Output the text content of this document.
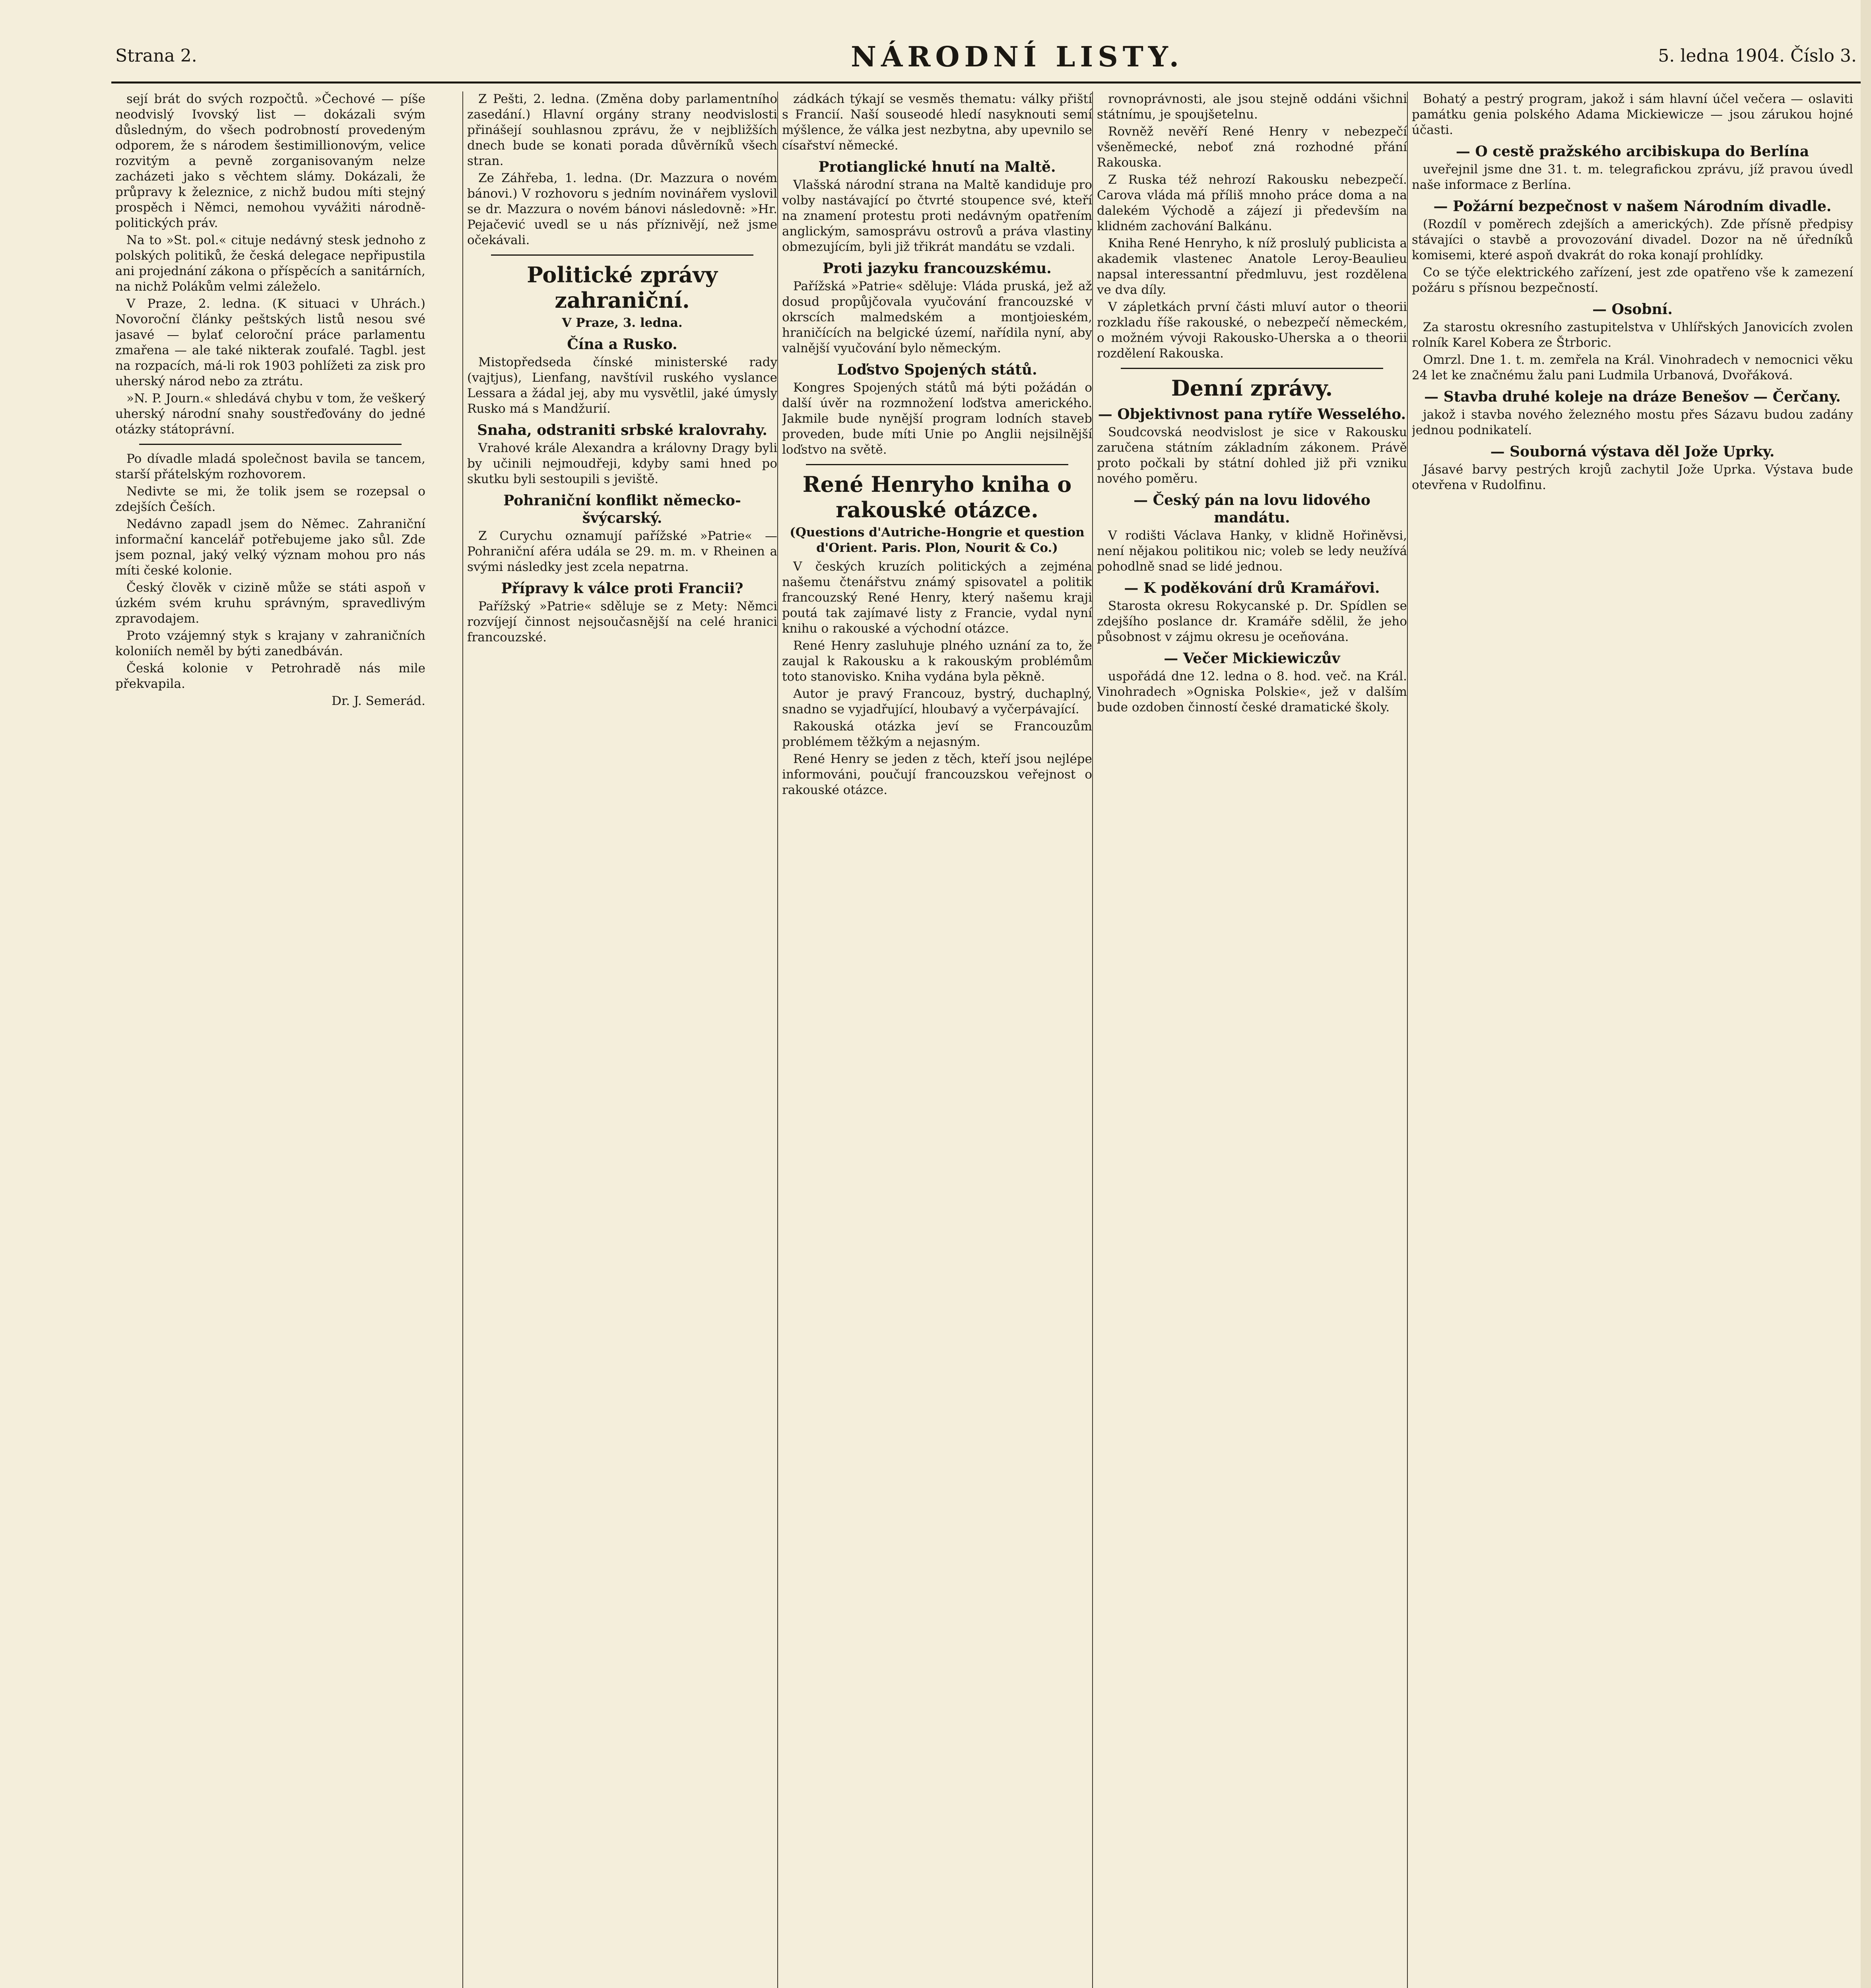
Strana 2.	NÁRODNÍ LISTY.	5. ledna 1904. Číslo 3.

sejí brát do svých rozpočtů. »Čechové — píše neodvislý Ivovský list — dokázali svým důsledným, do všech podrobností provedeným odporem, že s národem šestimillionovým, velice rozvitým a pevně zorganisovaným nelze zacházeti jako s věchtem slámy. Dokázali, že průpravy k železnice, z nichž budou míti stejný prospěch i Němci, nemohou vyvážiti národně-politických práv.

Na to »St. pol.« cituje nedávný stesk jednoho z polských politiků, že česká delegace nepřipustila ani projednání zákona o příspěcích a sanitárních, na nichž Polákům velmi záleželo.

V Praze, 2. ledna. (K situaci v Uhrách.) Novoroční články peštských listů nesou své jasavé — bylať celoroční práce parlamentu zmařena — ale také nikterak zoufalé. Tagbl. jest na rozpacích, má-li rok 1903 pohlížeti za zisk pro uherský národ nebo za ztrátu.

»N. P. Journ.« shledává chybu v tom, že veškerý uherský národní snahy soustřeďovány do jedné otázky státoprávní.

Po dívadle mladá společnost bavila se tancem, starší přátelským rozhovorem.

Nedivte se mi, že tolik jsem se rozepsal o zdejších Češích.

Nedávno zapadl jsem do Němec. Zahraniční informační kancelář potřebujeme jako sůl. Zde jsem poznal, jaký velký význam mohou pro nás míti české kolonie.

Český člověk v cizině může se státi aspoň v úzkém svém kruhu správným, spravedlivým zpravodajem.

Proto vzájemný styk s krajany v zahraničních koloniích neměl by býti zanedbáván.

Česká kolonie v Petrohradě nás mile překvapila.

Dr. J. Semerád.

Z Pešti, 2. ledna. (Změna doby parlamentního zasedání.) Hlavní orgány strany neodvislosti přinášejí souhlasnou zprávu, že v nejbližších dnech bude se konati porada důvěrníků všech stran.

Ze Záhřeba, 1. ledna. (Dr. Mazzura o novém bánovi.) V rozhovoru s jedním novinářem vyslovil se dr. Mazzura o novém bánovi následovně: »Hr. Pejačević uvedl se u nás příznivějí, než jsme očekávali.

Politické zprávy zahraniční.
V Praze, 3. ledna.
Čína a Rusko.

Mistopředseda čínské ministerské rady (vajtjus), Lienfang, navštívil ruského vyslance Lessara a žádal jej, aby mu vysvětlil, jaké úmysly Rusko má s Mandžurií.

Snaha, odstraniti srbské kralovrahy.

Vrahové krále Alexandra a královny Dragy byli by učinili nejmoudřeji, kdyby sami hned po skutku byli sestoupili s jeviště.

Pohraniční konflikt německo-švýcarský.

Z Curychu oznamují pařížské »Patrie« — Pohraniční aféra udála se 29. m. m. v Rheinen a svými následky jest zcela nepatrna.

Přípravy k válce proti Francii?

Pařížský »Patrie« sděluje se z Mety: Němci rozvíjejí činnost nejsoučasnější na celé hranici francouzské.

zádkách týkají se vesměs thematu: války přiští s Francií. Naší souseodé hledí nasyknouti semí mýšlence, že válka jest nezbytna, aby upevnilo se císařství německé.

Protianglické hnutí na Maltě.

Vlašská národní strana na Maltě kandiduje pro volby nastávající po čtvrté stoupence své, kteří na znamení protestu proti nedávným opatřením anglickým, samosprávu ostrovů a práva vlastiny obmezujícím, byli již třikrát mandátu se vzdali.

Proti jazyku francouzskému.

Pařížská »Patrie« sděluje: Vláda pruská, jež až dosud propůjčovala vyučování francouzské v okrscích malmedském a montjoieském, hraničících na belgické území, nařídila nyní, aby valnější vyučování bylo německým.

Loďstvo Spojených států.

Kongres Spojených států má býti požádán o další úvěr na rozmnožení loďstva amerického. Jakmile bude nynější program lodních staveb proveden, bude míti Unie po Anglii nejsilnější loďstvo na světě.

René Henryho kniha o rakouské otázce.
(Questions d'Autriche-Hongrie et question d'Orient. Paris. Plon, Nourit & Co.)

V českých kruzích politických a zejména našemu čtenářstvu známý spisovatel a politik francouzský René Henry, který našemu kraji poutá tak zajímavé listy z Francie, vydal nyní knihu o rakouské a východní otázce.

René Henry zasluhuje plného uznání za to, že zaujal k Rakousku a k rakouským problémům toto stanovisko. Kniha vydána byla pěkně.

Autor je pravý Francouz, bystrý, duchaplný, snadno se vyjadřující, hloubavý a vyčerpávající.

Rakouská otázka jeví se Francouzům problémem těžkým a nejasným.

René Henry se jeden z těch, kteří jsou nejlépe informováni, poučují francouzskou veřejnost o rakouské otázce.

rovnoprávnosti, ale jsou stejně oddáni všichni státnímu, je spoujšetelnu.

Rovněž nevěří René Henry v nebezpečí všeněmecké, neboť zná rozhodné přání Rakouska.

Z Ruska též nehrozí Rakousku nebezpečí. Carova vláda má příliš mnoho práce doma a na dalekém Východě a zájezí ji především na klidném zachování Balkánu.

Kniha René Henryho, k níž proslulý publicista a akademik vlastenec Anatole Leroy-Beaulieu napsal interessantní předmluvu, jest rozdělena ve dva díly.

V zápletkách první části mluví autor o theorii rozkladu říše rakouské, o nebezpečí německém, o možném vývoji Rakousko-Uherska a o theorii rozdělení Rakouska.

Denní zprávy.
— Objektivnost pana rytíře Wesselého.

Soudcovská neodvislost je sice v Rakousku zaručena státním základním zákonem. Právě proto počkali by státní dohled již při vzniku nového poměru.

— Český pán na lovu lidového mandátu.

V rodišti Václava Hanky, v klidně Hořiněvsi, není nějakou politikou nic; voleb se ledy neužívá pohodlně snad se lidé jednou.

— K poděkování drů Kramářovi.

Starosta okresu Rokycanské p. Dr. Spídlen se zdejšího poslance dr. Kramáře sdělil, že jeho působnost v zájmu okresu je oceňována.

— Večer Mickiewiczův

uspořádá dne 12. ledna o 8. hod. več. na Král. Vinohradech »Ogniska Polskie«, jež v dalším bude ozdoben činností české dramatické školy.

Bohatý a pestrý program, jakož i sám hlavní účel večera — oslaviti památku genia polského Adama Mickiewicze — jsou zárukou hojné účasti.

— O cestě pražského arcibiskupa do Berlína

uveřejnil jsme dne 31. t. m. telegrafickou zprávu, jíž pravou úvedl naše informace z Berlína.

— Požární bezpečnost v našem Národním divadle.

(Rozdíl v poměrech zdejších a amerických). Zde přísně předpisy stávajíci o stavbě a provozování divadel. Dozor na ně úředníků komisemi, které aspoň dvakrát do roka konají prohlídky.

Co se týče elektrického zařízení, jest zde opatřeno vše k zamezení požáru s přísnou bezpečností.

— Osobní.

Za starostu okresního zastupitelstva v Uhlířských Janovicích zvolen rolník Karel Kobera ze Štrboric.

Omrzl. Dne 1. t. m. zemřela na Král. Vinohradech v nemocnici věku 24 let ke značnému žalu pani Ludmila Urbanová, Dvořáková.

— Stavba druhé koleje na dráze Benešov — Čerčany.

jakož i stavba nového železného mostu přes Sázavu budou zadány jednou podnikatelí.

— Souborná výstava děl Jože Uprky.

Jásavé barvy pestrých krojů zachytil Jože Uprka. Výstava bude otevřena v Rudolfinu.
